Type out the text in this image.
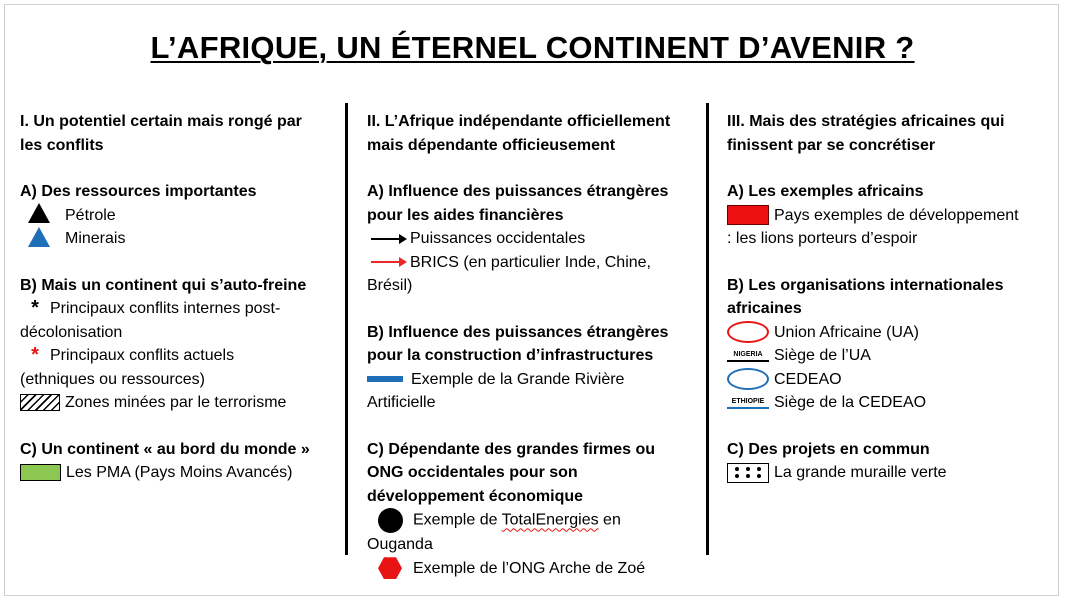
L’AFRIQUE, UN ÉTERNEL CONTINENT D’AVENIR ?
I. Un potentiel certain mais rongé par
les conflits
A) Des ressources importantes
Pétrole
Minerais
B) Mais un continent qui s’auto-freine
* Principaux conflits internes post-
décolonisation
* Principaux conflits actuels
(ethniques ou ressources)
Zones minées par le terrorisme
C) Un continent « au bord du monde »
Les PMA (Pays Moins Avancés)
II. L’Afrique indépendante officiellement
mais dépendante officieusement
A) Influence des puissances étrangères
pour les aides financières
Puissances occidentales
BRICS (en particulier Inde, Chine,
Brésil)
B) Influence des puissances étrangères
pour la construction d’infrastructures
Exemple de la Grande Rivière
Artificielle
C) Dépendante des grandes firmes ou
ONG occidentales pour son
développement économique
Exemple de TotalEnergies en
Ouganda
Exemple de l’ONG Arche de Zoé
III. Mais des stratégies africaines qui
finissent par se concrétiser
A) Les exemples africains
Pays exemples de développement
: les lions porteurs d’espoir
B) Les organisations internationales
africaines
Union Africaine (UA)
NIGERIA Siège de l’UA
CEDEAO
ETHIOPIE Siège de la CEDEAO
C) Des projets en commun
La grande muraille verte
